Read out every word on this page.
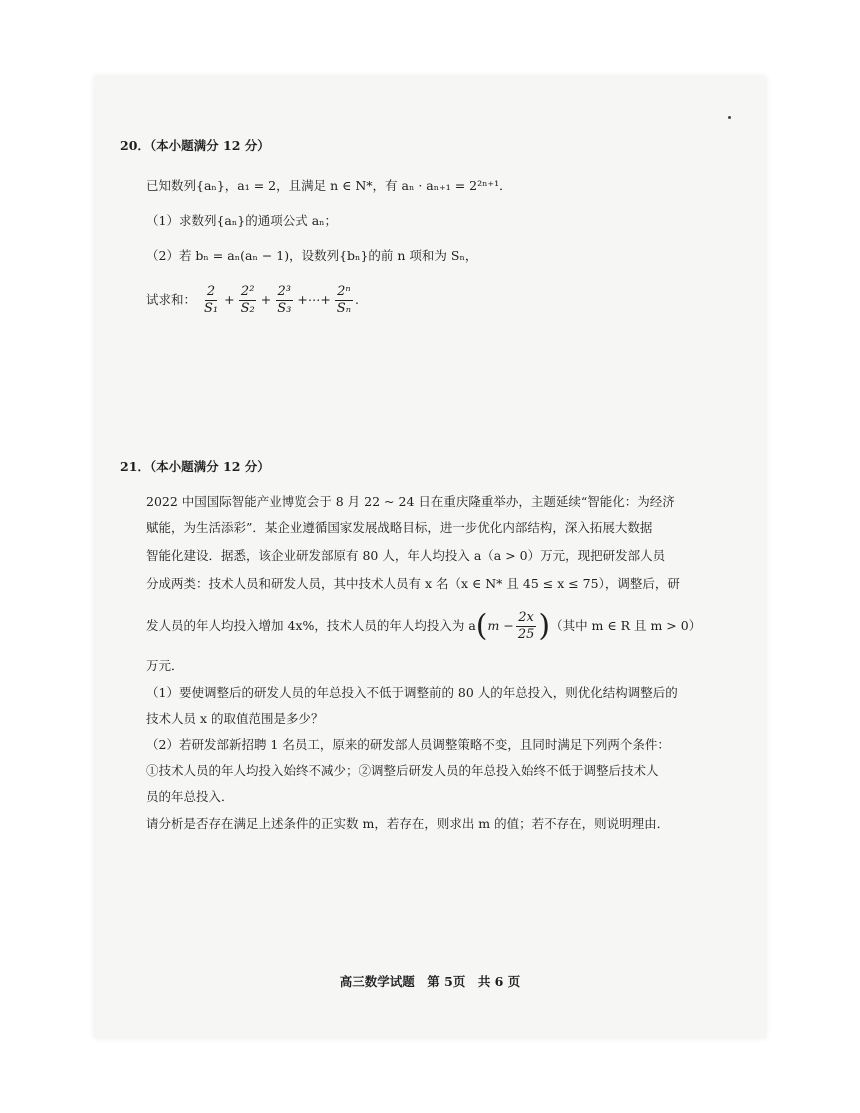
20．（本小题满分 12 分）
已知数列{aₙ}，a₁ = 2，且满足 n ∈ N*，有 aₙ · aₙ₊₁ = 2²ⁿ⁺¹．
（1）求数列{aₙ}的通项公式 aₙ；
（2）若 bₙ = aₙ(aₙ − 1)，设数列{bₙ}的前 n 项和为 Sₙ，
试求和： $\frac{2}{\text{S₁}} + \frac{\text{2²}}{\text{S₂}} + \frac{\text{2³}}{\text{S₃}}$ +⋯+ $\frac{\text{2ⁿ}}{\text{Sₙ}}$ .
21．（本小题满分 12 分）
2022 中国国际智能产业博览会于 8 月 22 ~ 24 日在重庆隆重举办，主题延续“智能化：为经济
赋能，为生活添彩”．某企业遵循国家发展战略目标，进一步优化内部结构，深入拓展大数据
智能化建设．据悉，该企业研发部原有 80 人，年人均投入 a（a > 0）万元，现把研发部人员
分成两类：技术人员和研发人员，其中技术人员有 x 名（x ∈ N* 且 45 ≤ x ≤ 75），调整后，研
发人员的年人均投入增加 4x%，技术人员的年人均投入为 $a(m - \frac{2x}{25}$ )（其中 m ∈ R 且 m > 0）
万元．
（1）要使调整后的研发人员的年总投入不低于调整前的 80 人的年总投入，则优化结构调整后的
技术人员 x 的取值范围是多少？
（2）若研发部新招聘 1 名员工，原来的研发部人员调整策略不变，且同时满足下列两个条件：
①技术人员的年人均投入始终不减少；②调整后研发人员的年总投入始终不低于调整后技术人
员的年总投入．
请分析是否存在满足上述条件的正实数 m，若存在，则求出 m 的值；若不存在，则说明理由．
高三数学试题　第 5页　共 6 页
